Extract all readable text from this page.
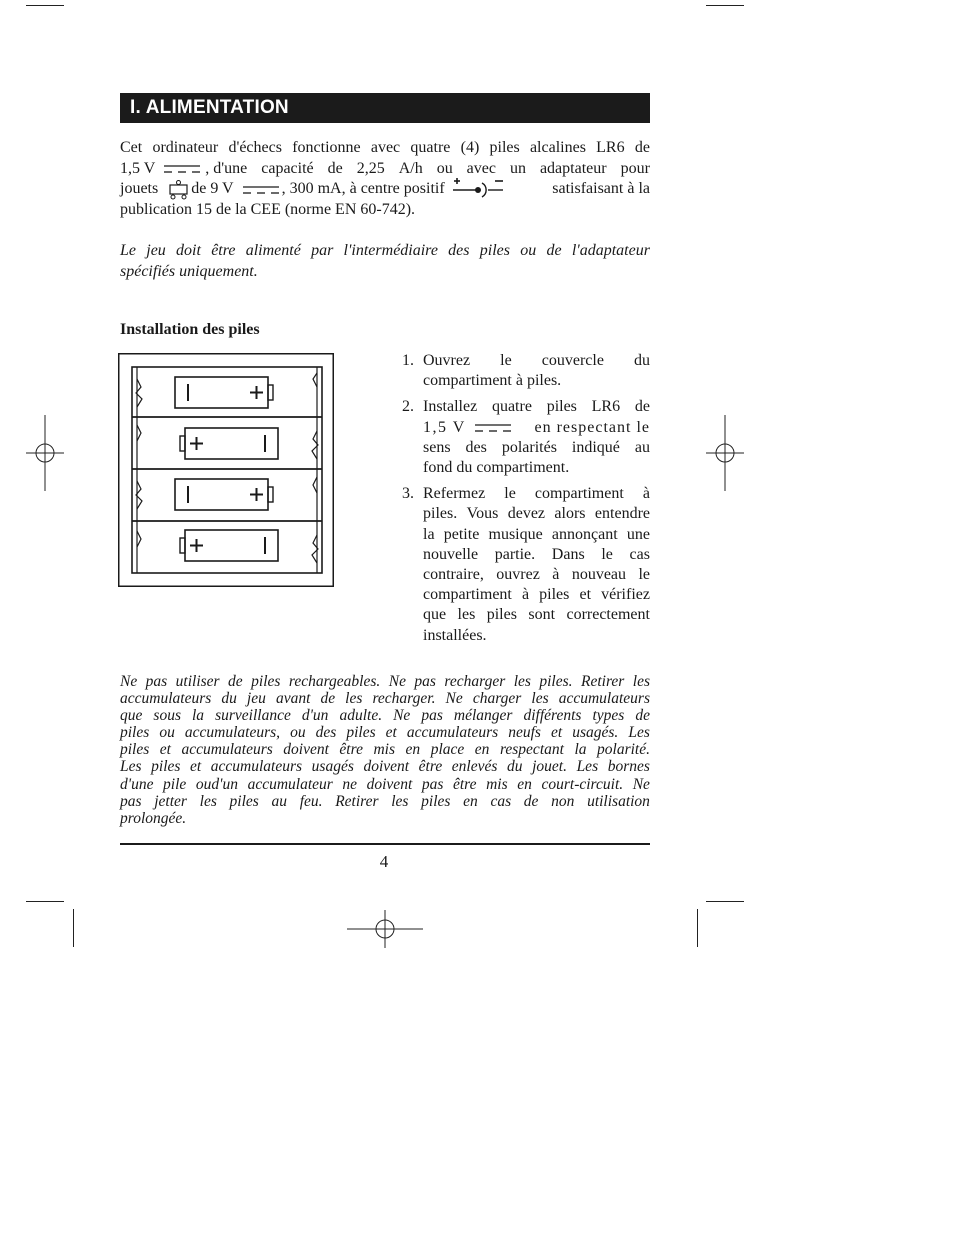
I. ALIMENTATION
Cet ordinateur d'échecs fonctionne avec quatre (4) piles alcalines LR6 de
1,5 V	, d'une capacité de 2,25 A/h ou avec un adaptateur pour
jouets de 9 V	, 300 mA, à centre positif	satisfaisant à la
publication 15 de la CEE (norme EN 60-742).
Le jeu doit être alimenté par l'intermédiaire des piles ou de l'adaptateur
spécifiés uniquement.
Installation des piles
1. Ouvrez le couvercle du
compartiment à piles.
2. Installez quatre piles LR6 de
1,5 V	en respectant le
sens des polarités indiqué au
fond du compartiment.
3. Refermez le compartiment à
piles. Vous devez alors entendre
la petite musique annonçant une
nouvelle partie. Dans le cas
contraire, ouvrez à nouveau le
compartiment à piles et vérifiez
que les piles sont correctement
installées.
Ne pas utiliser de piles rechargeables. Ne pas recharger les piles. Retirer les
accumulateurs du jeu avant de les recharger. Ne charger les accumulateurs
que sous la surveillance d'un adulte. Ne pas mélanger différents types de
piles ou accumulateurs, ou des piles et accumulateurs neufs et usagés. Les
piles et accumulateurs doivent être mis en place en respectant la polarité.
Les piles et accumulateurs usagés doivent être enlevés du jouet. Les bornes
d'une pile oud'un accumulateur ne doivent pas être mis en court-circuit. Ne
pas jetter les piles au feu. Retirer les piles en cas de non utilisation
prolongée.
4
